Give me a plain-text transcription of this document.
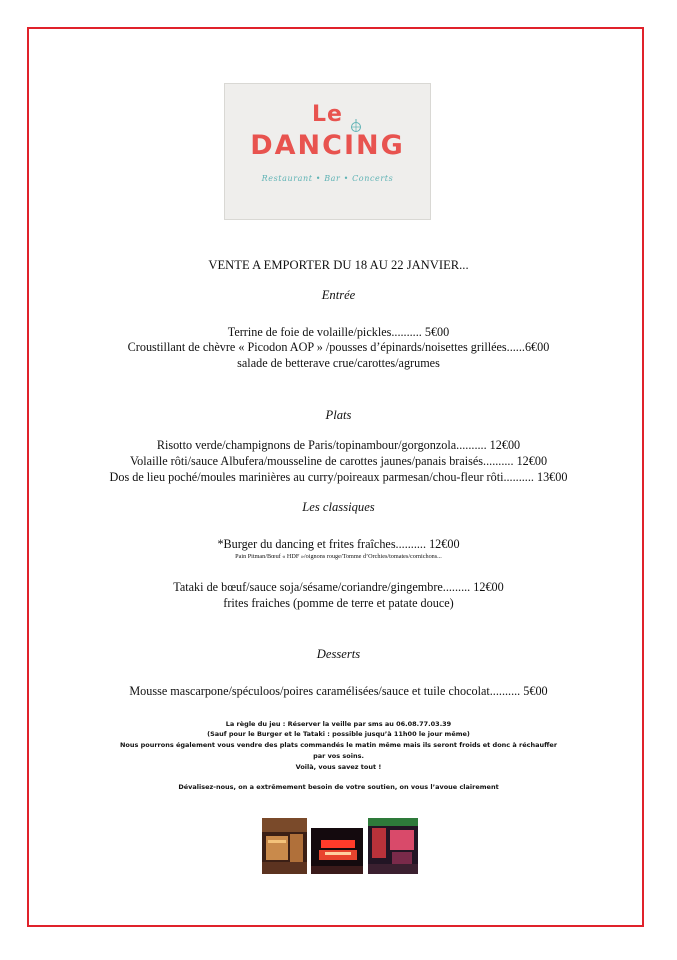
Le
DANCING
Restaurant • Bar • Concerts
VENTE A EMPORTER DU 18 AU 22 JANVIER...
Entrée
Terrine de foie de volaille/pickles.......... 5€00
Croustillant de chèvre « Picodon AOP » /pousses d’épinards/noisettes grillées......6€00
salade de betterave crue/carottes/agrumes
Plats
Risotto verde/champignons de Paris/topinambour/gorgonzola.......... 12€00
Volaille rôti/sauce Albufera/mousseline de carottes jaunes/panais braisés.......... 12€00
Dos de lieu poché/moules marinières au curry/poireaux parmesan/chou-fleur rôti.......... 13€00
Les classiques
*Burger du dancing et frites fraîches.......... 12€00
Pain Pitman/Bœuf « HDF »/oignons rouge/Tomme d’Orchies/tomates/cornichons...
Tataki de bœuf/sauce soja/sésame/coriandre/gingembre......... 12€00
frites fraiches (pomme de terre et patate douce)
Desserts
Mousse mascarpone/spéculoos/poires caramélisées/sauce et tuile chocolat.......... 5€00
La règle du jeu : Réserver la veille par sms au 06.08.77.03.39
(Sauf pour le Burger et le Tataki : possible jusqu’à 11h00 le jour même)
Nous pourrons également vous vendre des plats commandés le matin même mais ils seront froids et donc à réchauffer
par vos soins.
Voilà, vous savez tout !
Dévalisez-nous, on a extrêmement besoin de votre soutien, on vous l’avoue clairement
